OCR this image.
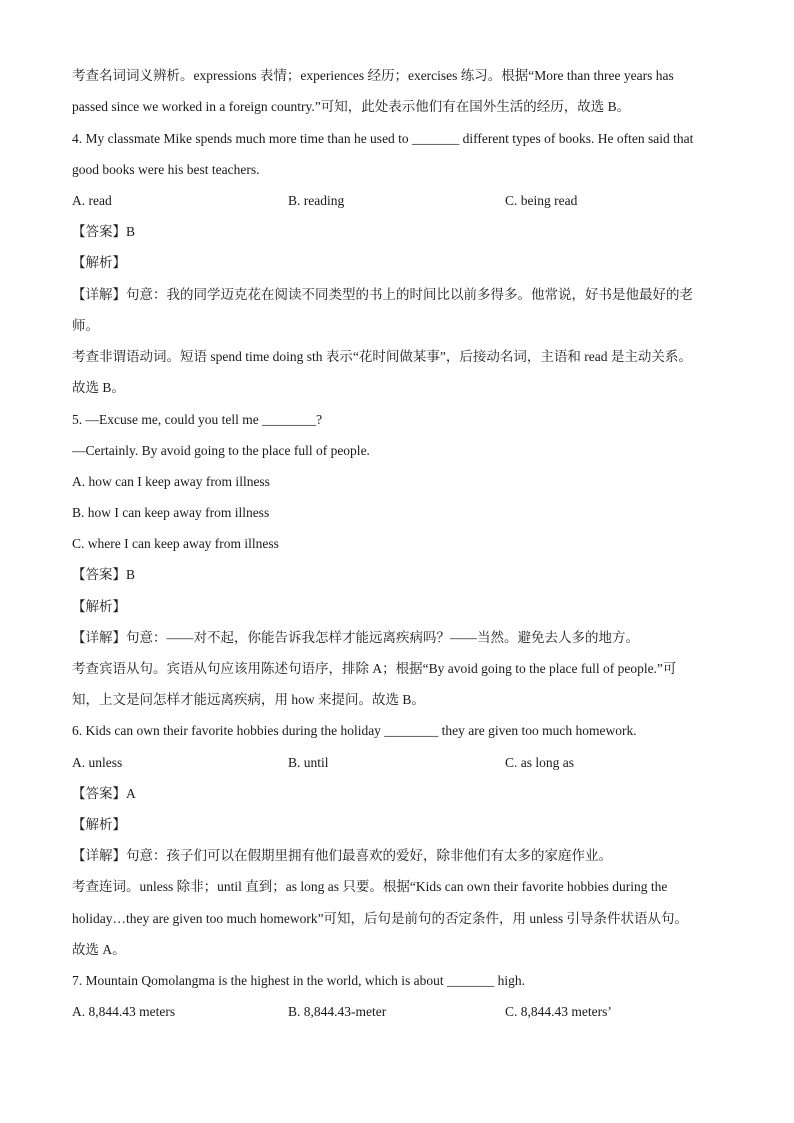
考查名词词义辨析。expressions 表情；experiences 经历；exercises 练习。根据“More than three years has
passed since we worked in a foreign country.”可知，此处表示他们有在国外生活的经历，故选 B。
4. My classmate Mike spends much more time than he used to _______ different types of books. He often said that
good books were his best teachers.
A. read	B. reading	C. being read
【答案】B
【解析】
【详解】句意：我的同学迈克花在阅读不同类型的书上的时间比以前多得多。他常说，好书是他最好的老
师。
考查非谓语动词。短语 spend time doing sth 表示“花时间做某事”，后接动名词，主语和 read 是主动关系。
故选 B。
5. —Excuse me, could you tell me ________?
—Certainly. By avoid going to the place full of people.
A. how can I keep away from illness
B. how I can keep away from illness
C. where I can keep away from illness
【答案】B
【解析】
【详解】句意：——对不起，你能告诉我怎样才能远离疾病吗？——当然。避免去人多的地方。
考查宾语从句。宾语从句应该用陈述句语序，排除 A；根据“By avoid going to the place full of people.”可
知，上文是问怎样才能远离疾病，用 how 来提问。故选 B。
6. Kids can own their favorite hobbies during the holiday ________ they are given too much homework.
A. unless	B. until	C. as long as
【答案】A
【解析】
【详解】句意：孩子们可以在假期里拥有他们最喜欢的爱好，除非他们有太多的家庭作业。
考查连词。unless 除非；until 直到；as long as 只要。根据“Kids can own their favorite hobbies during the
holiday…they are given too much homework”可知，后句是前句的否定条件，用 unless 引导条件状语从句。
故选 A。
7. Mountain Qomolangma is the highest in the world, which is about _______ high.
A. 8,844.43 meters	B. 8,844.43-meter	C. 8,844.43 meters’
